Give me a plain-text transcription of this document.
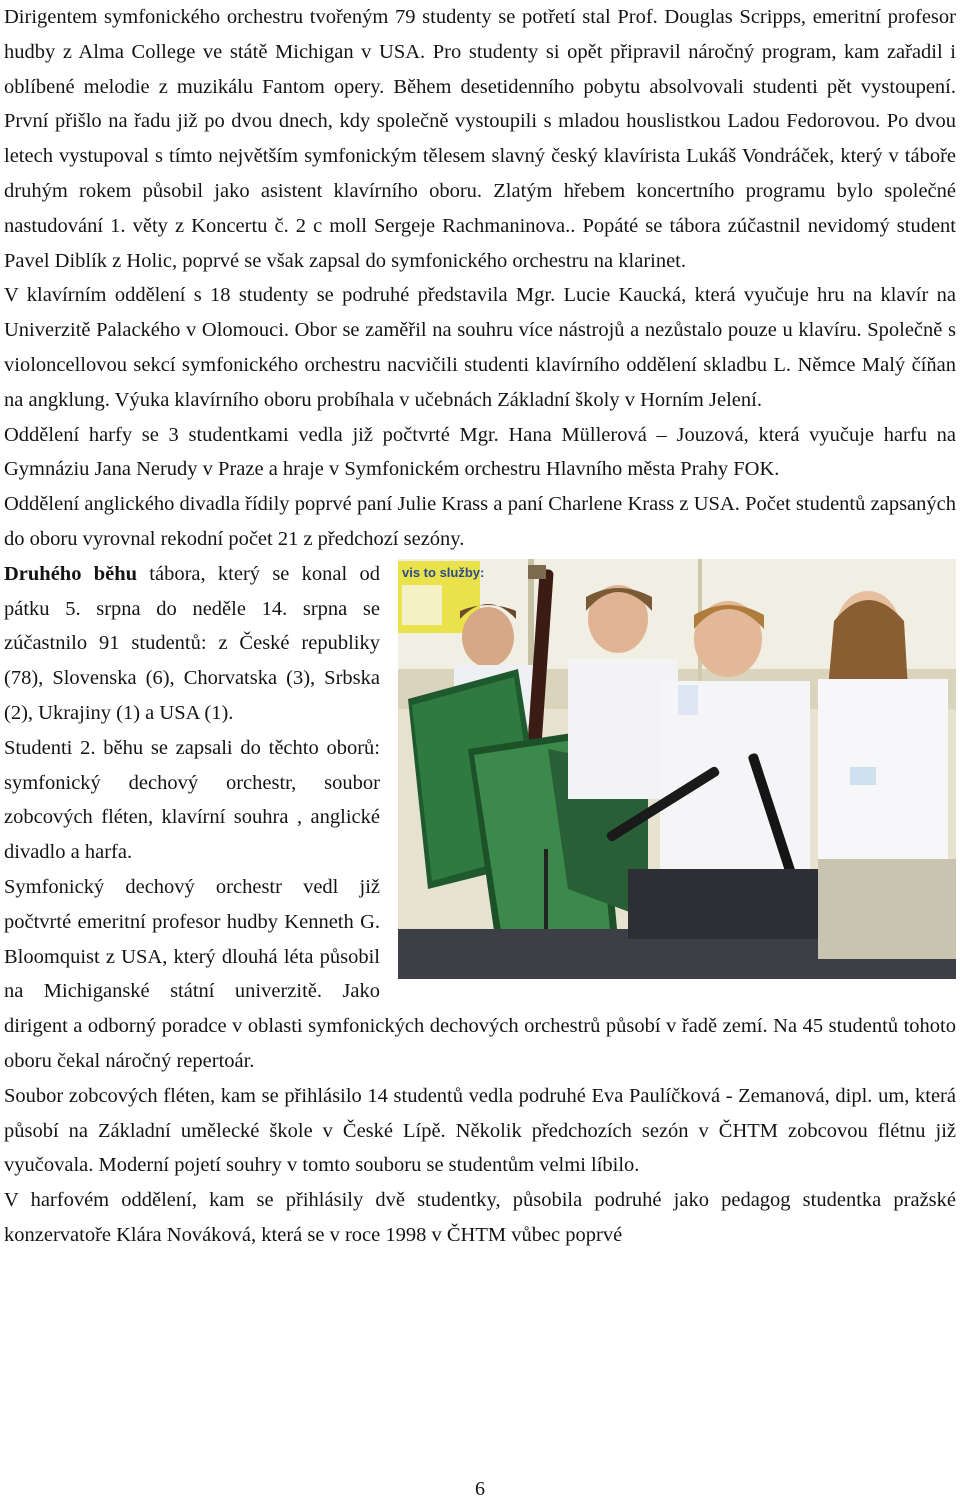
Dirigentem symfonického orchestru tvořeným 79 studenty se potřetí stal Prof. Douglas Scripps, emeritní profesor hudby z Alma College ve státě Michigan v USA. Pro studenty si opět připravil náročný program, kam zařadil i oblíbené melodie z muzikálu Fantom opery. Během desetidenního pobytu absolvovali studenti pět vystoupení. První přišlo na řadu již po dvou dnech, kdy společně vystoupili s mladou houslistkou Ladou Fedorovou. Po dvou letech vystupoval s tímto největším symfonickým tělesem slavný český klavírista Lukáš Vondráček, který v táboře druhým rokem působil jako asistent klavírního oboru. Zlatým hřebem koncertního programu bylo společné nastudování 1. věty z Koncertu č. 2 c moll Sergeje Rachmaninova.. Popáté se tábora zúčastnil nevidomý student Pavel Diblík z Holic, poprvé se však zapsal do symfonického orchestru na klarinet.

V klavírním oddělení s 18 studenty se podruhé představila Mgr. Lucie Kaucká, která vyučuje hru na klavír na Univerzitě Palackého v Olomouci. Obor se zaměřil na souhru více nástrojů a nezůstalo pouze u klavíru. Společně s violoncellovou sekcí symfonického orchestru nacvičili studenti klavírního oddělení skladbu L. Němce Malý číňan na angklung. Výuka klavírního oboru probíhala v učebnách Základní školy v Horním Jelení.

Oddělení harfy se 3 studentkami vedla již počtvrté Mgr. Hana Müllerová – Jouzová, která vyučuje harfu na Gymnáziu Jana Nerudy v Praze a hraje v Symfonickém orchestru Hlavního města Prahy FOK.

Oddělení anglického divadla řídily poprvé paní Julie Krass a paní Charlene Krass z USA. Počet studentů zapsaných do oboru vyrovnal rekodní počet 21 z předchozí sezóny.

vis to služby:

Druhého běhu tábora, který se konal od pátku 5. srpna do neděle 14. srpna se zúčastnilo 91 studentů: z České republiky (78), Slovenska (6), Chorvatska (3), Srbska (2), Ukrajiny (1) a USA (1).

Studenti 2. běhu se zapsali do těchto oborů: symfonický dechový orchestr, soubor zobcových fléten, klavírní souhra , anglické divadlo a harfa.

Symfonický dechový orchestr vedl již počtvrté emeritní profesor hudby Kenneth G. Bloomquist z USA, který dlouhá léta působil na Michiganské státní univerzitě. Jako dirigent a odborný poradce v oblasti symfonických dechových orchestrů působí v řadě zemí. Na 45 studentů tohoto oboru čekal náročný repertoár.

Soubor zobcových fléten, kam se přihlásilo 14 studentů vedla podruhé Eva Paulíčková - Zemanová, dipl. um, která působí na Základní umělecké škole v České Lípě. Několik předchozích sezón v ČHTM zobcovou flétnu již vyučovala. Moderní pojetí souhry v tomto souboru se studentům velmi líbilo.

V harfovém oddělení, kam se přihlásily dvě studentky, působila podruhé jako pedagog studentka pražské konzervatoře Klára Nováková, která se v roce 1998 v ČHTM vůbec poprvé

6
